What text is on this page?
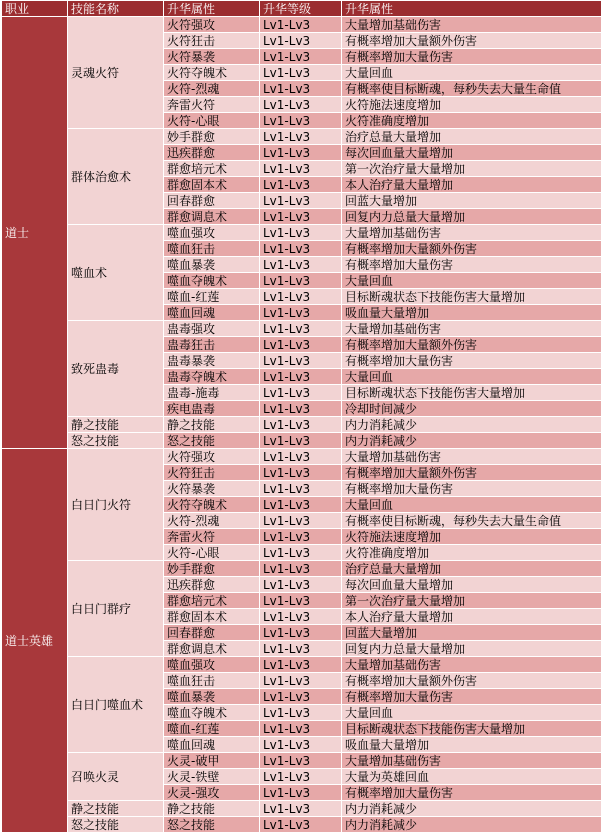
职业	技能名称	升华属性	升华等级	升华属性
道士	灵魂火符	火符强攻	Lv1-Lv3	大量增加基础伤害
		火符狂击	Lv1-Lv3	有概率增加大量额外伤害
		火符暴袭	Lv1-Lv3	有概率增加大量伤害
		火符夺魄术	Lv1-Lv3	大量回血
		火符-烈魂	Lv1-Lv3	有概率使目标断魂，每秒失去大量生命值
		奔雷火符	Lv1-Lv3	火符施法速度增加
		火符-心眼	Lv1-Lv3	火符准确度增加
	群体治愈术	妙手群愈	Lv1-Lv3	治疗总量大量增加
		迅疾群愈	Lv1-Lv3	每次回血量大量增加
		群愈培元术	Lv1-Lv3	第一次治疗量大量增加
		群愈固本术	Lv1-Lv3	本人治疗量大量增加
		回春群愈	Lv1-Lv3	回蓝大量增加
		群愈调息术	Lv1-Lv3	回复内力总量大量增加
	噬血术	噬血强攻	Lv1-Lv3	大量增加基础伤害
		噬血狂击	Lv1-Lv3	有概率增加大量额外伤害
		噬血暴袭	Lv1-Lv3	有概率增加大量伤害
		噬血夺魄术	Lv1-Lv3	大量回血
		噬血-红莲	Lv1-Lv3	目标断魂状态下技能伤害大量增加
		噬血回魂	Lv1-Lv3	吸血量大量增加
	致死蛊毒	蛊毒强攻	Lv1-Lv3	大量增加基础伤害
		蛊毒狂击	Lv1-Lv3	有概率增加大量额外伤害
		蛊毒暴袭	Lv1-Lv3	有概率增加大量伤害
		蛊毒夺魄术	Lv1-Lv3	大量回血
		蛊毒-施毒	Lv1-Lv3	目标断魂状态下技能伤害大量增加
		疾电蛊毒	Lv1-Lv3	冷却时间减少
	静之技能	静之技能	Lv1-Lv3	内力消耗减少
	怒之技能	怒之技能	Lv1-Lv3	内力消耗减少
道士英雄	白日门火符	火符强攻	Lv1-Lv3	大量增加基础伤害
		火符狂击	Lv1-Lv3	有概率增加大量额外伤害
		火符暴袭	Lv1-Lv3	有概率增加大量伤害
		火符夺魄术	Lv1-Lv3	大量回血
		火符-烈魂	Lv1-Lv3	有概率使目标断魂，每秒失去大量生命值
		奔雷火符	Lv1-Lv3	火符施法速度增加
		火符-心眼	Lv1-Lv3	火符准确度增加
	白日门群疗	妙手群愈	Lv1-Lv3	治疗总量大量增加
		迅疾群愈	Lv1-Lv3	每次回血量大量增加
		群愈培元术	Lv1-Lv3	第一次治疗量大量增加
		群愈固本术	Lv1-Lv3	本人治疗量大量增加
		回春群愈	Lv1-Lv3	回蓝大量增加
		群愈调息术	Lv1-Lv3	回复内力总量大量增加
	白日门噬血术	噬血强攻	Lv1-Lv3	大量增加基础伤害
		噬血狂击	Lv1-Lv3	有概率增加大量额外伤害
		噬血暴袭	Lv1-Lv3	有概率增加大量伤害
		噬血夺魄术	Lv1-Lv3	大量回血
		噬血-红莲	Lv1-Lv3	目标断魂状态下技能伤害大量增加
		噬血回魂	Lv1-Lv3	吸血量大量增加
	召唤火灵	火灵-破甲	Lv1-Lv3	大量增加基础伤害
		火灵-铁壁	Lv1-Lv3	大量为英雄回血
		火灵-强攻	Lv1-Lv3	有概率增加大量伤害
	静之技能	静之技能	Lv1-Lv3	内力消耗减少
	怒之技能	怒之技能	Lv1-Lv3	内力消耗减少
